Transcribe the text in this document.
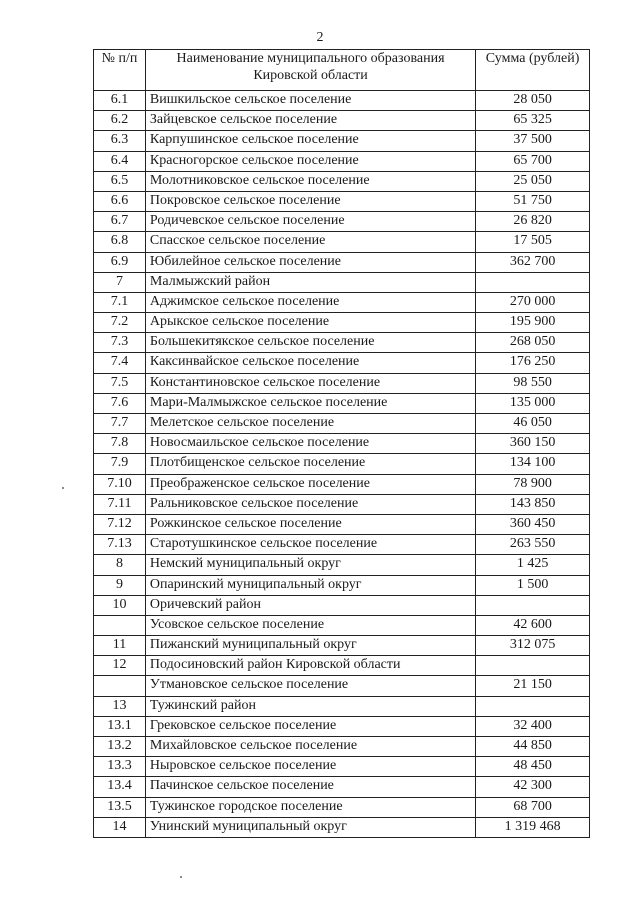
2
№ п/п	Наименование муниципального образования Кировской области	Сумма (рублей)
6.1	Вишкильское сельское поселение	28 050
6.2	Зайцевское сельское поселение	65 325
6.3	Карпушинское сельское поселение	37 500
6.4	Красногорское сельское поселение	65 700
6.5	Молотниковское сельское поселение	25 050
6.6	Покровское сельское поселение	51 750
6.7	Родичевское сельское поселение	26 820
6.8	Спасское сельское поселение	17 505
6.9	Юбилейное сельское поселение	362 700
7	Малмыжский район	
7.1	Аджимское сельское поселение	270 000
7.2	Арыкское сельское поселение	195 900
7.3	Большекитякское сельское поселение	268 050
7.4	Каксинвайское сельское поселение	176 250
7.5	Константиновское сельское поселение	98 550
7.6	Мари-Малмыжское сельское поселение	135 000
7.7	Мелетское сельское поселение	46 050
7.8	Новосмаильское сельское поселение	360 150
7.9	Плотбищенское сельское поселение	134 100
7.10	Преображенское сельское поселение	78 900
7.11	Ральниковское сельское поселение	143 850
7.12	Рожкинское сельское поселение	360 450
7.13	Старотушкинское сельское поселение	263 550
8	Немский муниципальный округ	1 425
9	Опаринский муниципальный округ	1 500
10	Оричевский район	
	Усовское сельское поселение	42 600
11	Пижанский муниципальный округ	312 075
12	Подосиновский район Кировской области	
	Утмановское сельское поселение	21 150
13	Тужинский район	
13.1	Грековское сельское поселение	32 400
13.2	Михайловское сельское поселение	44 850
13.3	Ныровское сельское поселение	48 450
13.4	Пачинское сельское поселение	42 300
13.5	Тужинское городское поселение	68 700
14	Унинский муниципальный округ	1 319 468
